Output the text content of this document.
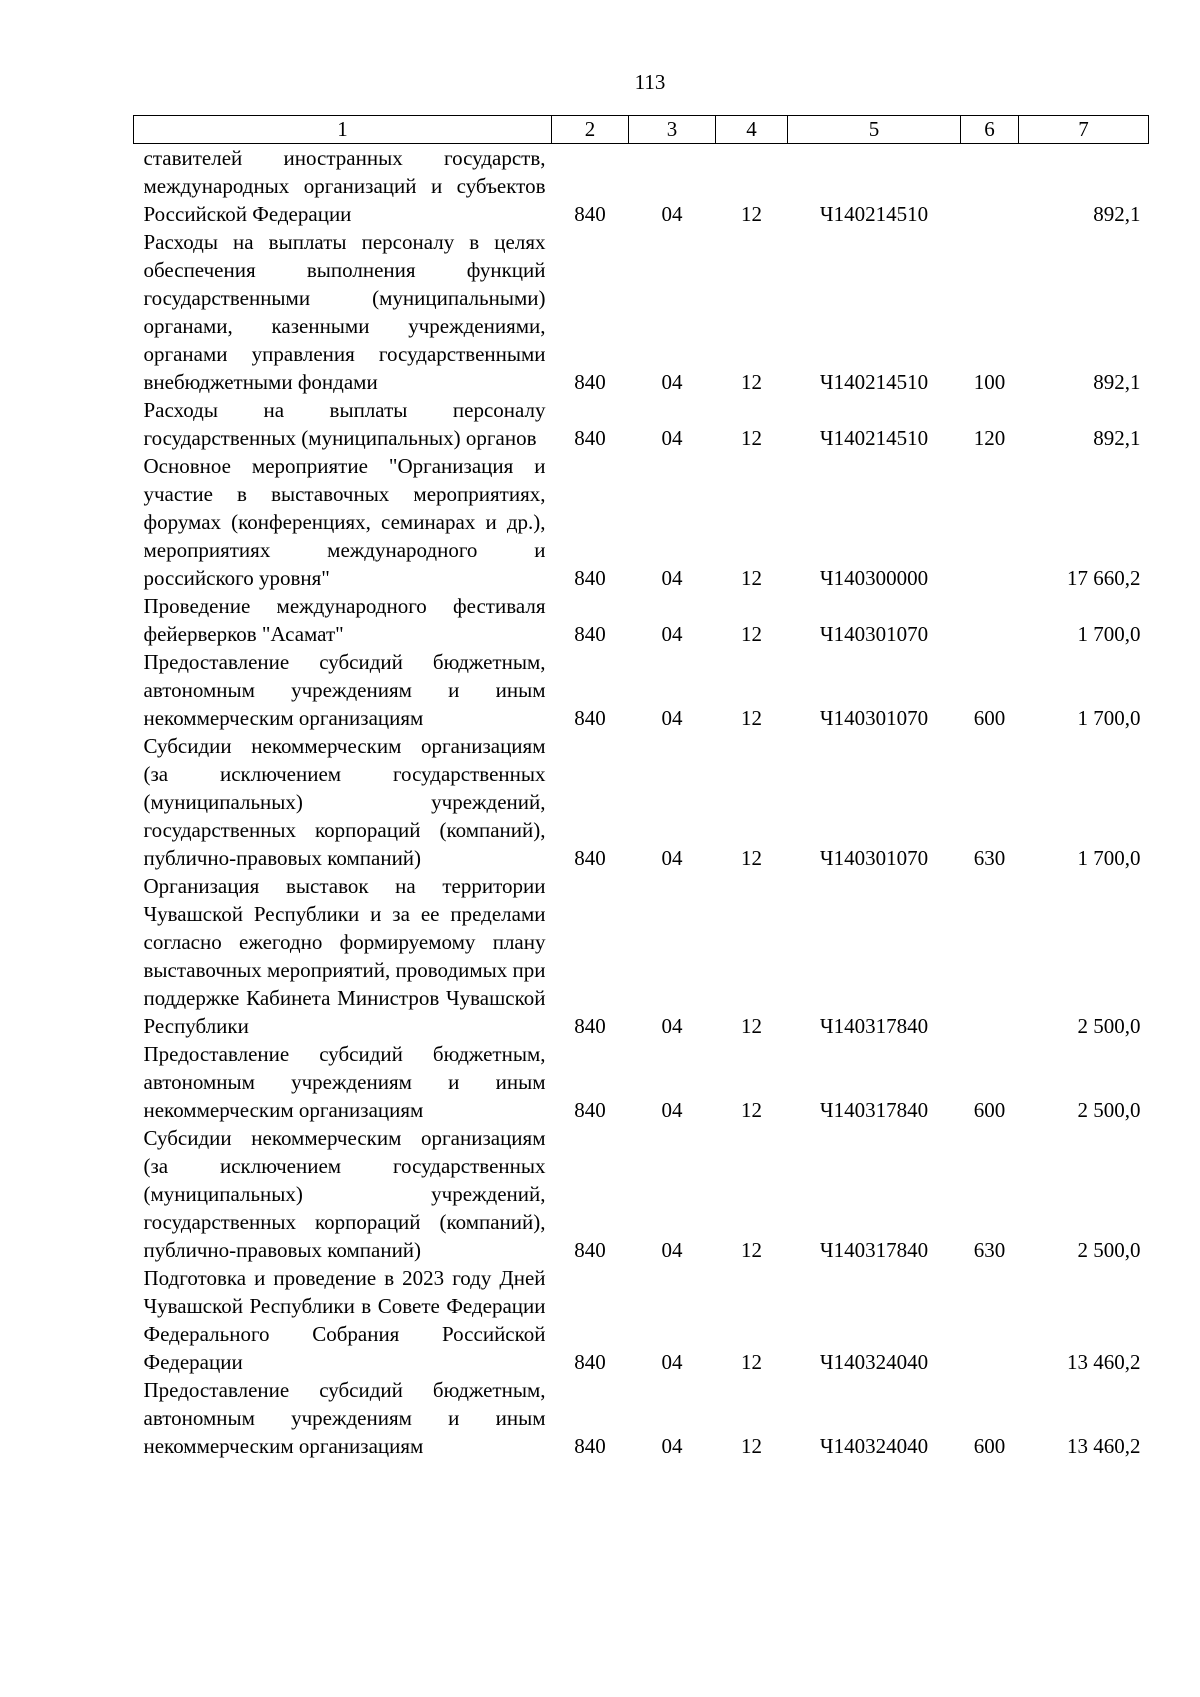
113
1	2	3	4	5	6	7
ставителей иностранных государств, международных организаций и субъектов Российской Федерации	840	04	12	Ч140214510		892,1
Расходы на выплаты персоналу в целях обеспечения выполнения функций государственными (муниципальными) органами, казенными учреждениями, органами управления государственными внебюджетными фондами	840	04	12	Ч140214510	100	892,1
Расходы на выплаты персоналу государственных (муниципальных) органов	840	04	12	Ч140214510	120	892,1
Основное мероприятие "Организация и участие в выставочных мероприятиях, форумах (конференциях, семинарах и др.), мероприятиях международного и российского уровня"	840	04	12	Ч140300000		17 660,2
Проведение международного фестиваля фейерверков "Асамат"	840	04	12	Ч140301070		1 700,0
Предоставление субсидий бюджетным, автономным учреждениям и иным некоммерческим организациям	840	04	12	Ч140301070	600	1 700,0
Субсидии некоммерческим организациям (за исключением государственных (муниципальных) учреждений, государственных корпораций (компаний), публично-правовых компаний)	840	04	12	Ч140301070	630	1 700,0
Организация выставок на территории Чувашской Республики и за ее пределами согласно ежегодно формируемому плану выставочных мероприятий, проводимых при поддержке Кабинета Министров Чувашской Республики	840	04	12	Ч140317840		2 500,0
Предоставление субсидий бюджетным, автономным учреждениям и иным некоммерческим организациям	840	04	12	Ч140317840	600	2 500,0
Субсидии некоммерческим организациям (за исключением государственных (муниципальных) учреждений, государственных корпораций (компаний), публично-правовых компаний)	840	04	12	Ч140317840	630	2 500,0
Подготовка и проведение в 2023 году Дней Чувашской Республики в Совете Федерации Федерального Собрания Российской Федерации	840	04	12	Ч140324040		13 460,2
Предоставление субсидий бюджетным, автономным учреждениям и иным некоммерческим организациям	840	04	12	Ч140324040	600	13 460,2
